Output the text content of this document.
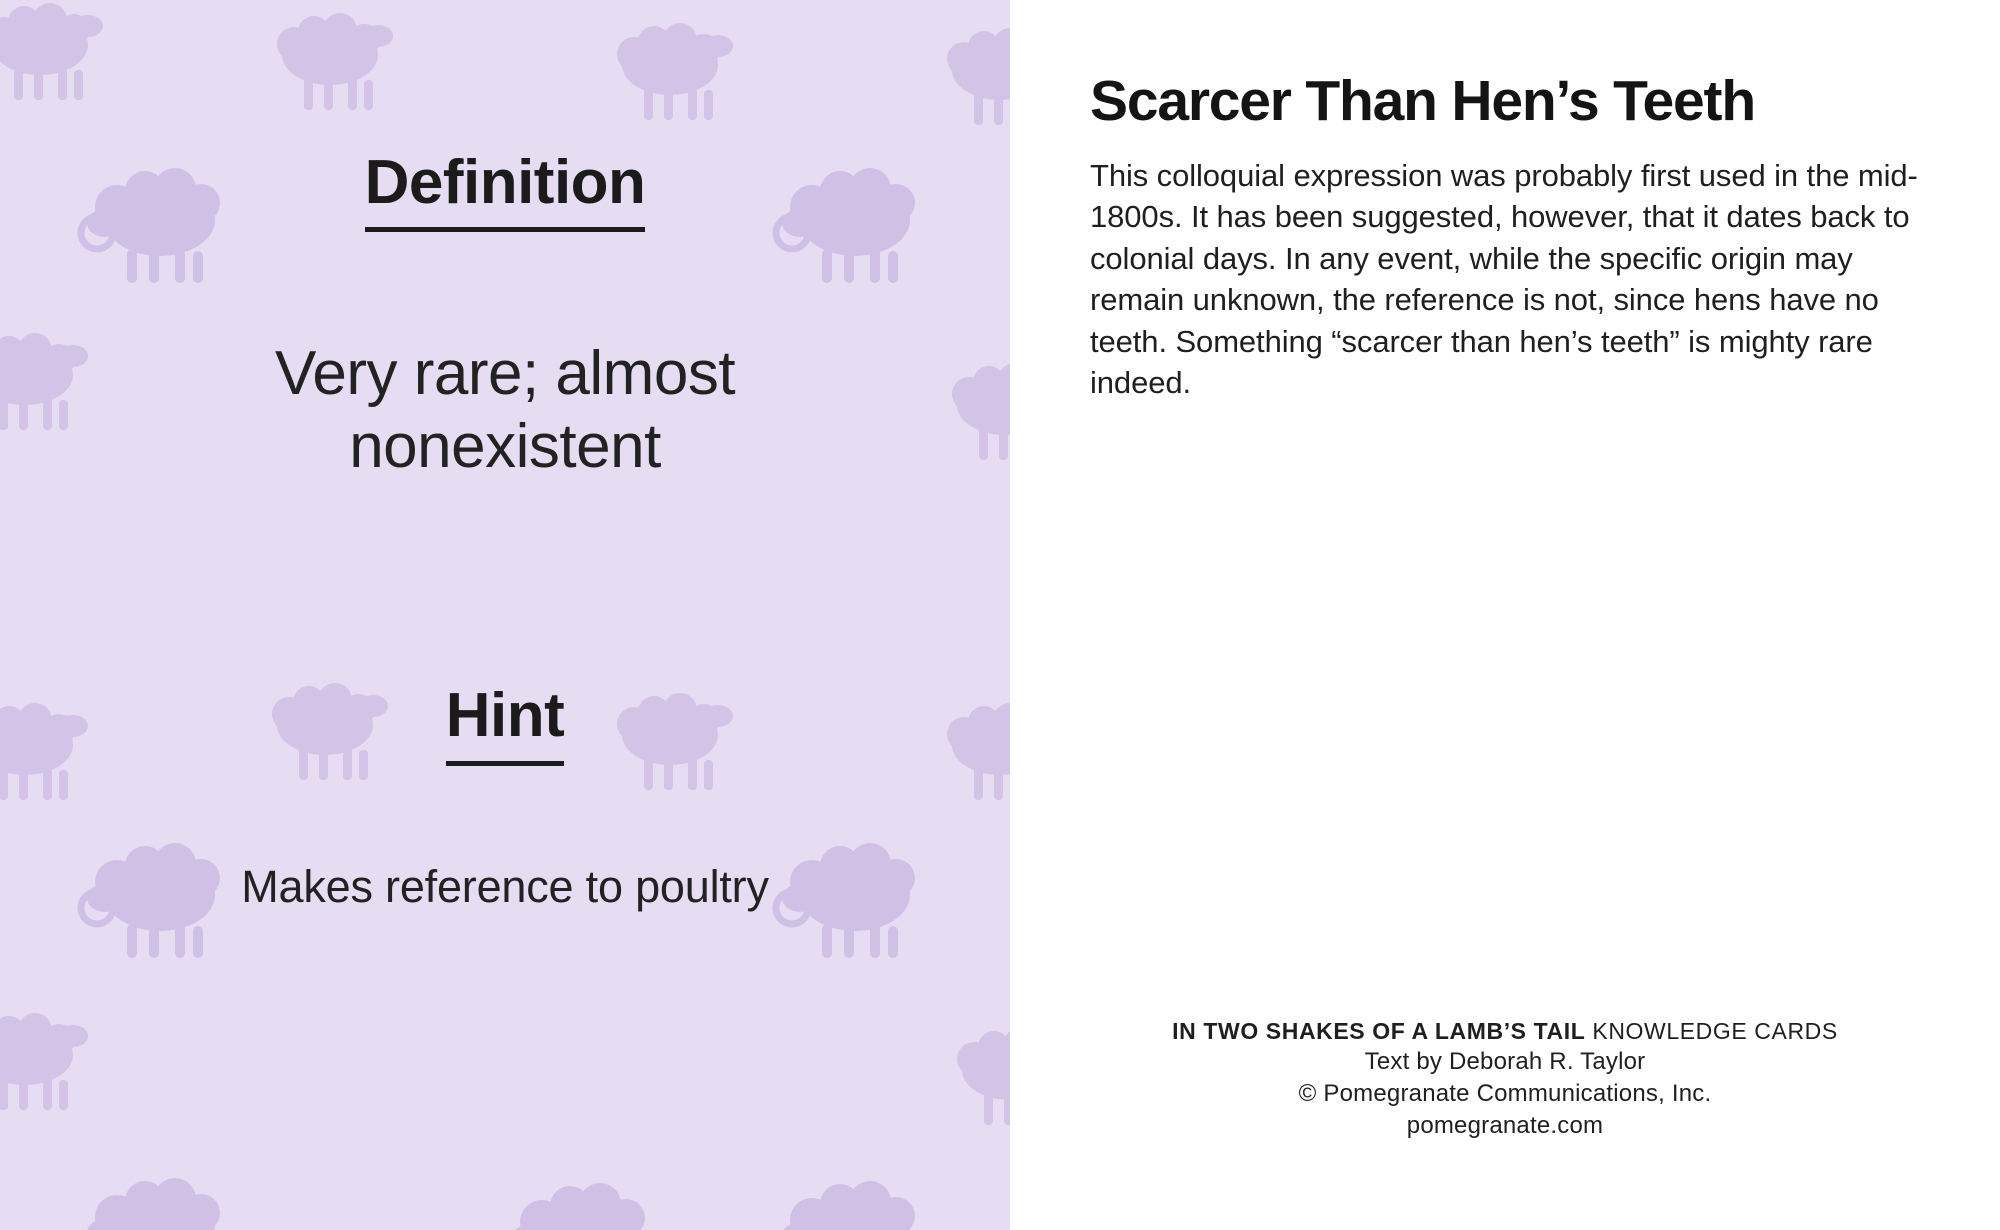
Definition
Very rare; almost nonexistent
Hint
Makes reference to poultry
Scarcer Than Hen’s Teeth

This colloquial expression was probably first used in the mid-1800s. It has been suggested, however, that it dates back to colonial days. In any event, while the specific origin may remain unknown, the reference is not, since hens have no teeth. Something “scarcer than hen’s teeth” is mighty rare indeed.

IN TWO SHAKES OF A LAMB’S TAIL KNOWLEDGE CARDS
Text by Deborah R. Taylor
© Pomegranate Communications, Inc.
pomegranate.com
